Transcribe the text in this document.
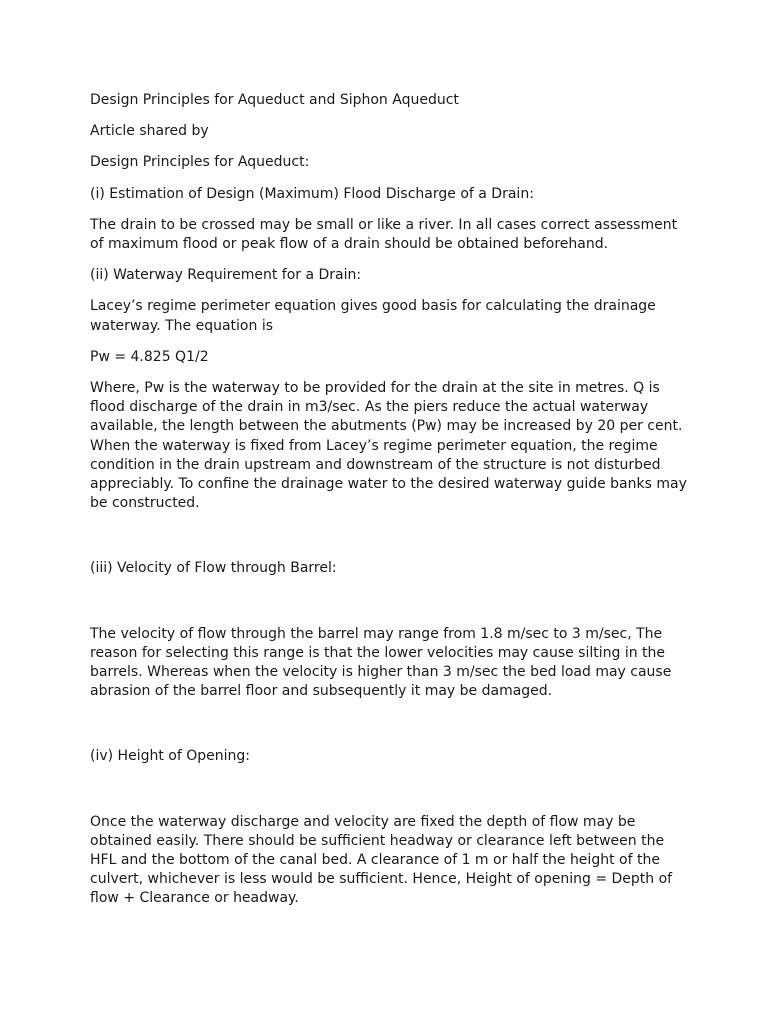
Design Principles for Aqueduct and Siphon Aqueduct

Article shared by

Design Principles for Aqueduct:

(i) Estimation of Design (Maximum) Flood Discharge of a Drain:

The drain to be crossed may be small or like a river. In all cases correct assessment of maximum flood or peak flow of a drain should be obtained beforehand.

(ii) Waterway Requirement for a Drain:

Lacey’s regime perimeter equation gives good basis for calculating the drainage waterway. The equation is

Pw = 4.825 Q1/2

Where, Pw is the waterway to be provided for the drain at the site in metres. Q is flood discharge of the drain in m3/sec. As the piers reduce the actual waterway available, the length between the abutments (Pw) may be increased by 20 per cent. When the waterway is fixed from Lacey’s regime perimeter equation, the regime condition in the drain upstream and downstream of the structure is not disturbed appreciably. To confine the drainage water to the desired waterway guide banks may be constructed.

(iii) Velocity of Flow through Barrel:

The velocity of flow through the barrel may range from 1.8 m/sec to 3 m/sec, The reason for selecting this range is that the lower velocities may cause silting in the barrels. Whereas when the velocity is higher than 3 m/sec the bed load may cause abrasion of the barrel floor and subsequently it may be damaged.

(iv) Height of Opening:

Once the waterway discharge and velocity are fixed the depth of flow may be obtained easily. There should be sufficient headway or clearance left between the HFL and the bottom of the canal bed. A clearance of 1 m or half the height of the culvert, whichever is less would be sufficient. Hence, Height of opening = Depth of flow + Clearance or headway.
